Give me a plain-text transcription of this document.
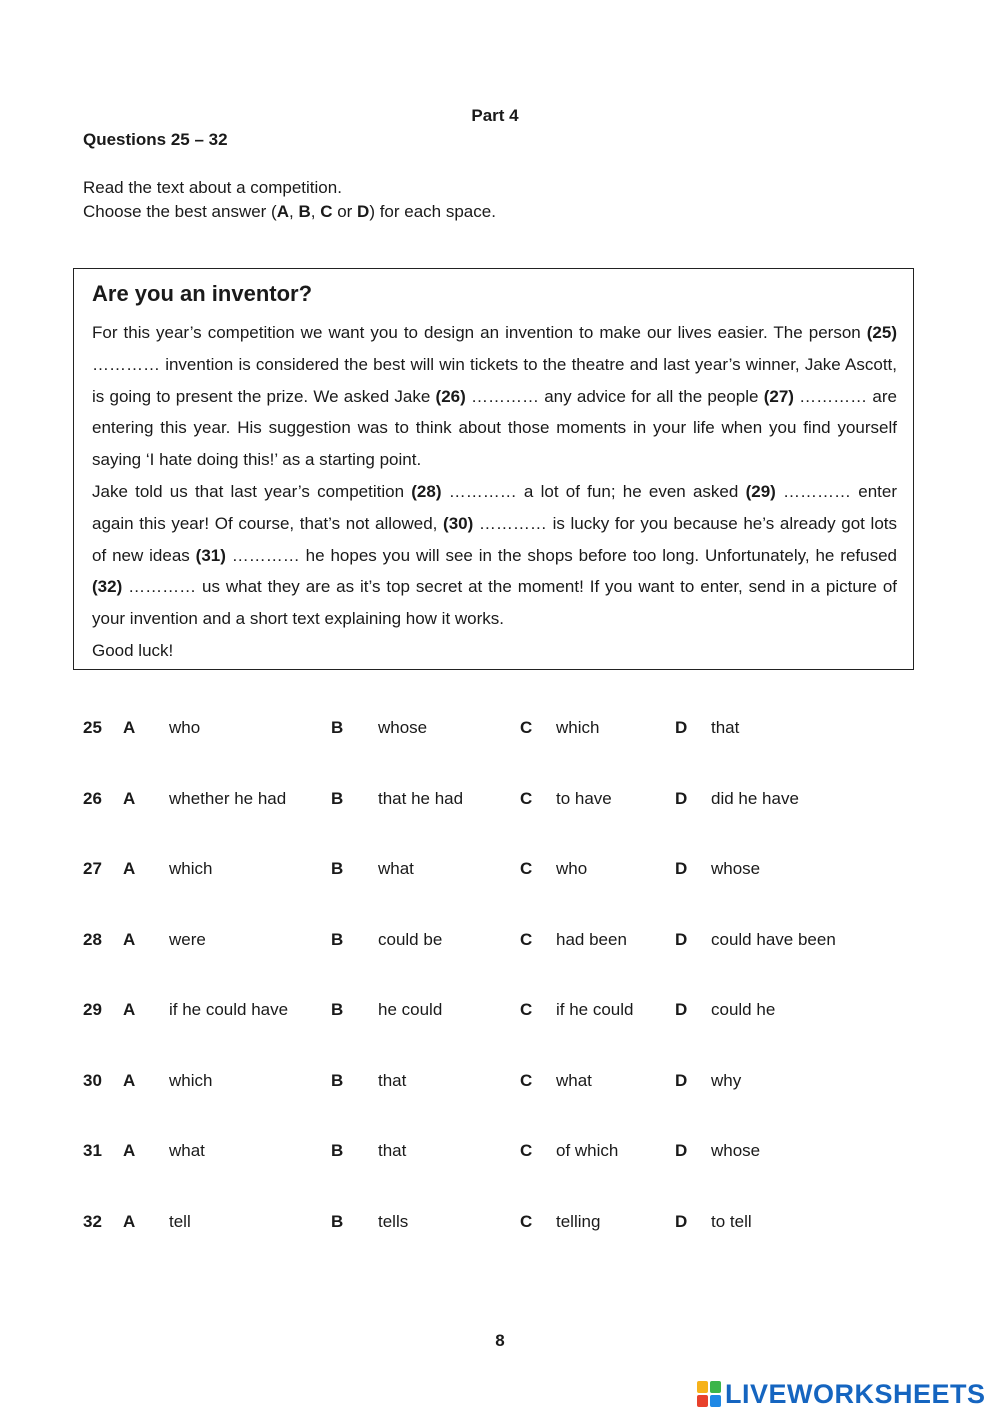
Part 4
Questions 25 – 32

Read the text about a competition.

Choose the best answer (A, B, C or D) for each space.

Are you an inventor?

For this year’s competition we want you to design an invention to make our lives easier. The person (25) ………… invention is considered the best will win tickets to the theatre and last year’s winner, Jake Ascott, is going to present the prize. We asked Jake (26) ………… any advice for all the people (27) ………… are entering this year. His suggestion was to think about those moments in your life when you find yourself saying ‘I hate doing this!’ as a starting point.

Jake told us that last year’s competition (28) ………… a lot of fun; he even asked (29) ………… enter again this year! Of course, that’s not allowed, (30) ………… is lucky for you because he’s already got lots of new ideas (31) ………… he hopes you will see in the shops before too long. Unfortunately, he refused (32) ………… us what they are as it’s top secret at the moment! If you want to enter, send in a picture of your invention and a short text explaining how it works.

Good luck!

25 A who	B whose	C which	D that
26 A whether he had	B that he had	C to have	D did he have
27 A which	B what	C who	D whose
28 A were	B could be	C had been	D could have been
29 A if he could have	B he could	C if he could D could he
30 A which	B that	C what	D why
31 A what	B that	C of which	D whose
32 A tell	B tells	C telling	D to tell
8
LIVEWORKSHEETS
